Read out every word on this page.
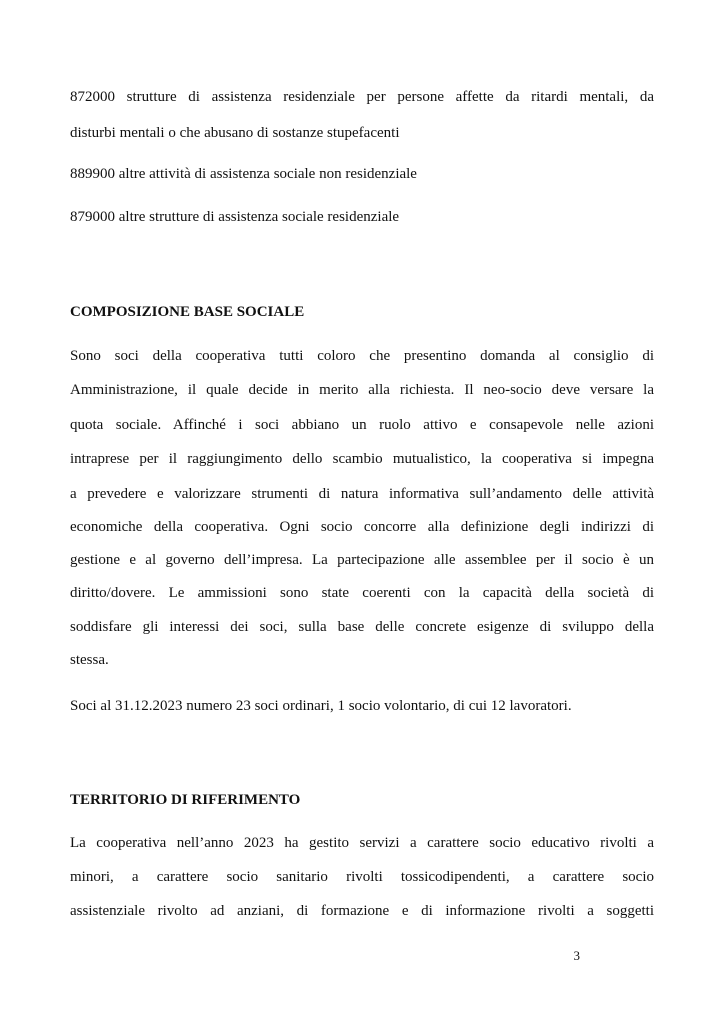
872000 strutture di assistenza residenziale per persone affette da ritardi mentali, da
disturbi mentali o che abusano di sostanze stupefacenti
889900 altre attività di assistenza sociale non residenziale
879000 altre strutture di assistenza sociale residenziale
COMPOSIZIONE BASE SOCIALE
Sono soci della cooperativa tutti coloro che presentino domanda al consiglio di
Amministrazione, il quale decide in merito alla richiesta. Il neo-socio deve versare la
quota sociale. Affinché i soci abbiano un ruolo attivo e consapevole nelle azioni
intraprese per il raggiungimento dello scambio mutualistico, la cooperativa si impegna
a prevedere e valorizzare strumenti di natura informativa sull’andamento delle attività
economiche della cooperativa. Ogni socio concorre alla definizione degli indirizzi di
gestione e al governo dell’impresa. La partecipazione alle assemblee per il socio è un
diritto/dovere. Le ammissioni sono state coerenti con la capacità della società di
soddisfare gli interessi dei soci, sulla base delle concrete esigenze di sviluppo della
stessa.
Soci al 31.12.2023 numero 23 soci ordinari, 1 socio volontario, di cui 12 lavoratori.
TERRITORIO DI RIFERIMENTO
La cooperativa nell’anno 2023 ha gestito servizi a carattere socio educativo rivolti a
minori, a carattere socio sanitario rivolti tossicodipendenti, a carattere socio
assistenziale rivolto ad anziani, di formazione e di informazione rivolti a soggetti
3
